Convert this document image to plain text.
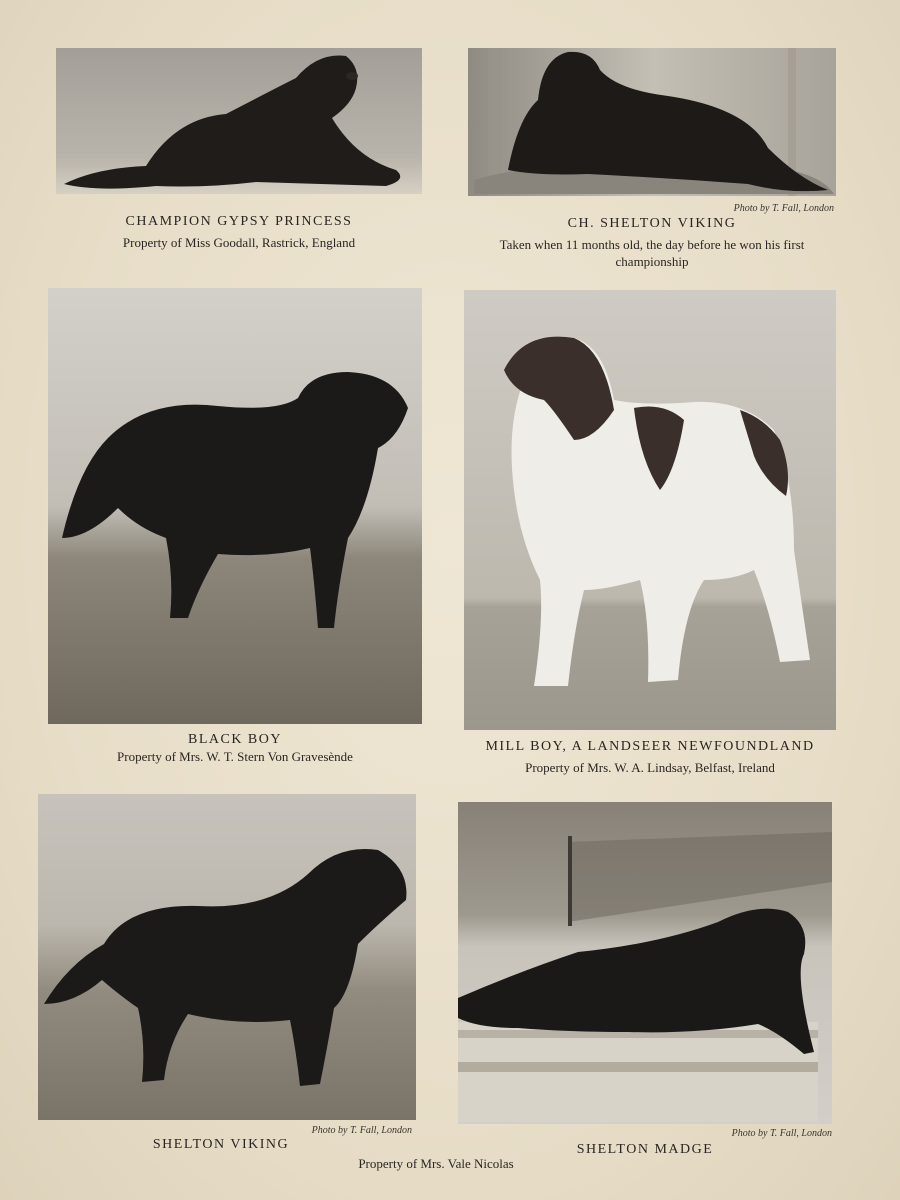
CHAMPION GYPSY PRINCESS
Property of Miss Goodall, Rastrick, England
Photo by T. Fall, London
CH. SHELTON VIKING
Taken when 11 months old, the day before he won his first championship
BLACK BOY
Property of Mrs. W. T. Stern Von Gravesènde
MILL BOY, A LANDSEER NEWFOUNDLAND
Property of Mrs. W. A. Lindsay, Belfast, Ireland
Photo by T. Fall, London
SHELTON VIKING
Photo by T. Fall, London
SHELTON MADGE
Property of Mrs. Vale Nicolas
